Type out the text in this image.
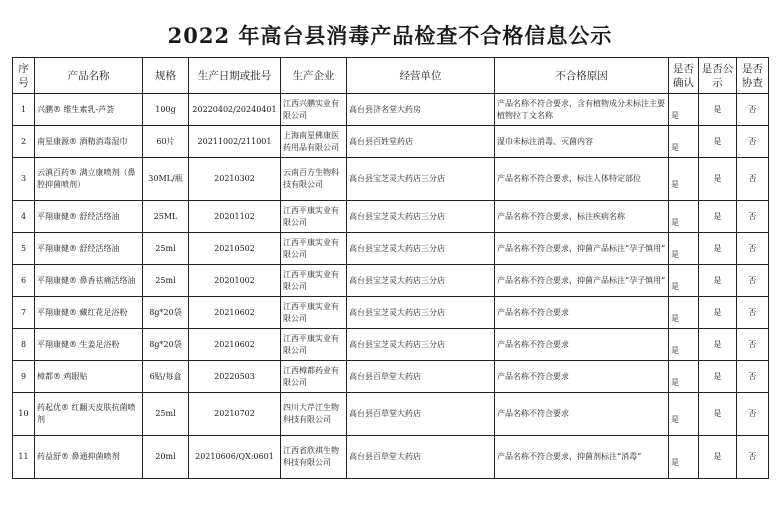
2022 年高台县消毒产品检查不合格信息公示
序号	产品名称	规格	生产日期或批号	生产企业	经营单位	不合格原因	是否确认	是否公示	是否协查
1	兴鹏® 维生素乳-芦荟	100g	20220402/20240401	江西兴鹏实业有限公司	高台县济名堂大药房	产品名称不符合要求，含有植物成分未标注主要植物拉丁文名称	是	是	否
2	南星康源® 酒精消毒湿巾	60片	20211002/211001	上海南星佛康医药用品有限公司	高台县百姓堂药店	湿巾未标注消毒、灭菌内容	是	是	否
3	云滇百药® 满立康喷剂（鼻腔抑菌喷剂）	30ML/瓶	20210302	云南百方生物科技有限公司	高台县宝芝灵大药店三分店	产品名称不符合要求，标注人体特定部位	是	是	否
4	平翔康健® 舒经活络油	25ML	20201102	江西平康实业有限公司	高台县宝芝灵大药店三分店	产品名称不符合要求，标注疾病名称	是	是	否
5	平翔康健® 舒经活络油	25ml	20210502	江西平康实业有限公司	高台县宝芝灵大药店三分店	产品名称不符合要求，抑菌产品标注“孕子慎用”	是	是	否
6	平翔康健® 鼻香祛痛活络油	25ml	20201002	江西平康实业有限公司	高台县宝芝灵大药店三分店	产品名称不符合要求，抑菌产品标注“孕子慎用”	是	是	否
7	平翔康健® 藏红花足浴粉	8g*20袋	20210602	江西平康实业有限公司	高台县宝芝灵大药店三分店	产品名称不符合要求	是	是	否
8	平翔康健® 生姜足浴粉	8g*20袋	20210602	江西平康实业有限公司	高台县宝芝灵大药店三分店	产品名称不符合要求	是	是	否
9	樟都® 鸡眼贴	6贴/每盒	20220503	江西樟都药业有限公司	高台县百草堂大药店	产品名称不符合要求	是	是	否
10	药起优® 红翻天皮肤抗菌喷剂	25ml	20210702	四川大芹江生物科技有限公司	高台县百草堂大药店	产品名称不符合要求	是	是	否
11	药益舒® 鼻通抑菌喷剂	20ml	20210606/QX:0601	江西省欣祺生物科技有限公司	高台县百草堂大药店	产品名称不符合要求，抑菌剂标注“消毒”	是	是	否
